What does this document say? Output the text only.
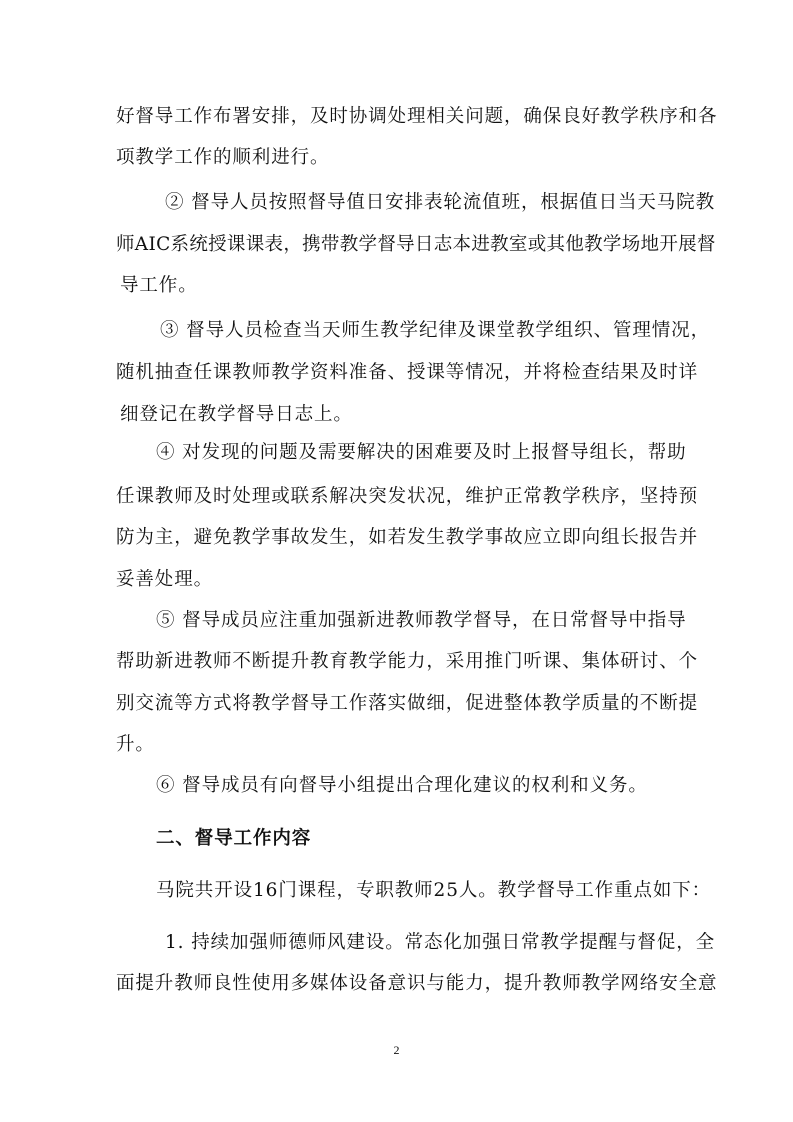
好督导工作布署安排，及时协调处理相关问题，确保良好教学秩序和各
项教学工作的顺利进行。
② 督导人员按照督导值日安排表轮流值班，根据值日当天马院教
师AIC系统授课课表，携带教学督导日志本进教室或其他教学场地开展督
导工作。
③ 督导人员检查当天师生教学纪律及课堂教学组织、管理情况，
随机抽查任课教师教学资料准备、授课等情况，并将检查结果及时详
细登记在教学督导日志上。
④ 对发现的问题及需要解决的困难要及时上报督导组长，帮助
任课教师及时处理或联系解决突发状况，维护正常教学秩序，坚持预
防为主，避免教学事故发生，如若发生教学事故应立即向组长报告并
妥善处理。
⑤ 督导成员应注重加强新进教师教学督导，在日常督导中指导
帮助新进教师不断提升教育教学能力，采用推门听课、集体研讨、个
别交流等方式将教学督导工作落实做细，促进整体教学质量的不断提
升。
⑥ 督导成员有向督导小组提出合理化建议的权利和义务。
二、督导工作内容
马院共开设16门课程，专职教师25人。教学督导工作重点如下：
1. 持续加强师德师风建设。常态化加强日常教学提醒与督促，全
面提升教师良性使用多媒体设备意识与能力，提升教师教学网络安全意
2
